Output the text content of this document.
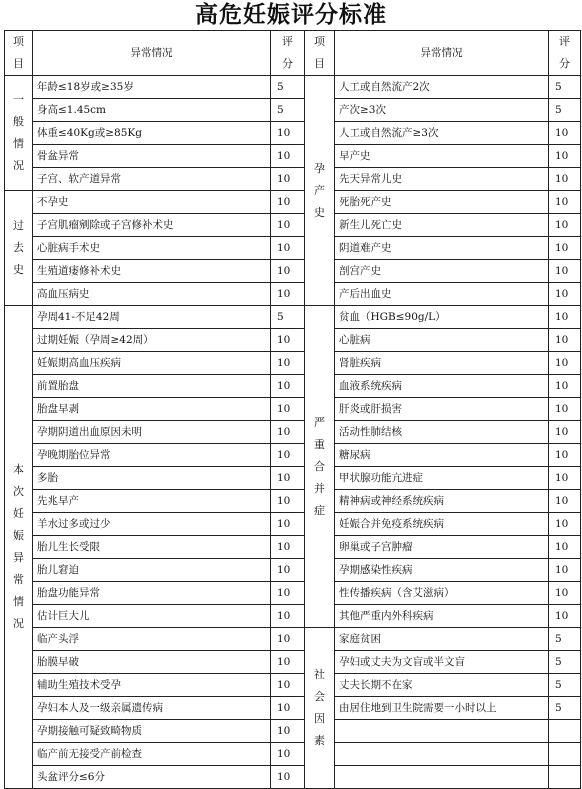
高危妊娠评分标准
项目	异常情况	评分	项目	异常情况	评分
一般情况	年龄≤18岁或≥35岁	5	孕产史	人工或自然流产2次	5
	身高≤1.45cm	5		产次≥3次	5
	体重≤40Kg或≥85Kg	10		人工或自然流产≥3次	10
	骨盆异常	10		早产史	10
	子宫、软产道异常	10		先天异常儿史	10
过去史	不孕史	10		死胎死产史	10
	子宫肌瘤剜除或子宫修补术史	10		新生儿死亡史	10
	心脏病手术史	10		阴道难产史	10
	生殖道瘘修补术史	10		剖宫产史	10
	高血压病史	10		产后出血史	10
本次妊娠异常情况	孕周41-不足42周	5	严重合并症	贫血（HGB≤90g/L）	10
	过期妊娠（孕周≥42周）	10		心脏病	10
	妊娠期高血压疾病	10		肾脏疾病	10
	前置胎盘	10		血液系统疾病	10
	胎盘早剥	10		肝炎或肝损害	10
	孕期阴道出血原因未明	10		活动性肺结核	10
	孕晚期胎位异常	10		糖尿病	10
	多胎	10		甲状腺功能亢进症	10
	先兆早产	10		精神病或神经系统疾病	10
	羊水过多或过少	10		妊娠合并免疫系统疾病	10
	胎儿生长受限	10		卵巢或子宫肿瘤	10
	胎儿窘迫	10		孕期感染性疾病	10
	胎盘功能异常	10		性传播疾病（含艾滋病）	10
	估计巨大儿	10		其他严重内外科疾病	10
	临产头浮	10	社会因素	家庭贫困	5
	胎膜早破	10		孕妇或丈夫为文盲或半文盲	5
	辅助生殖技术受孕	10		丈夫长期不在家	5
	孕妇本人及一级亲属遗传病	10		由居住地到卫生院需要一小时以上	5
	孕期接触可疑致畸物质	10			
	临产前无接受产前检查	10			
	头盆评分≤6分	10			
